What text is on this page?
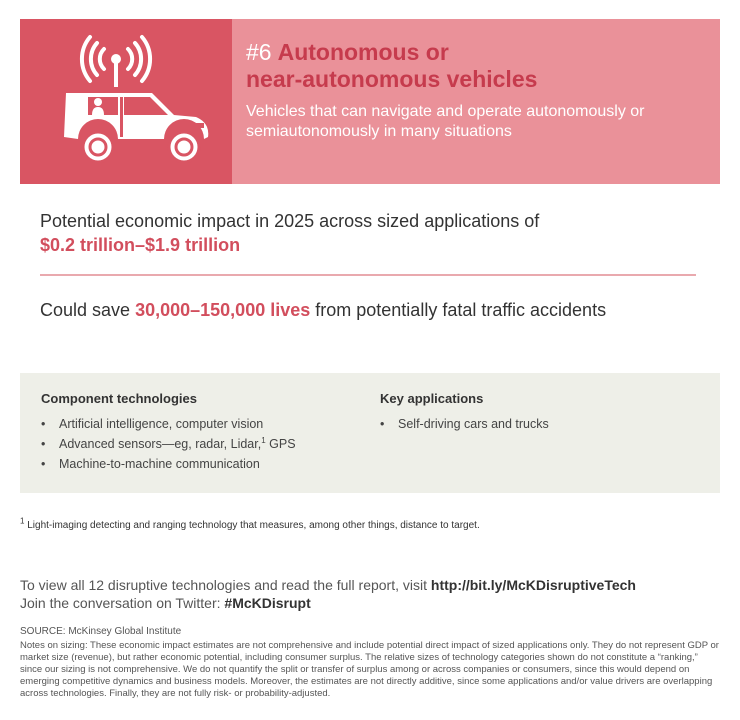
#6 Autonomous or
near-autonomous vehicles
Vehicles that can navigate and operate autonomously or semiautonomously in many situations
Potential economic impact in 2025 across sized applications of
$0.2 trillion–$1.9 trillion
Could save 30,000–150,000 lives from potentially fatal traffic accidents
Component technologies
• Artificial intelligence, computer vision
• Advanced sensors—eg, radar, Lidar,$^1$ GPS
• Machine-to-machine communication
Key applications
• Self-driving cars and trucks
$^1$ Light-imaging detecting and ranging technology that measures, among other things, distance to target.
To view all 12 disruptive technologies and read the full report, visit http://bit.ly/McKDisruptiveTech
Join the conversation on Twitter: #McKDisrupt
SOURCE: McKinsey Global Institute
Notes on sizing: These economic impact estimates are not comprehensive and include potential direct impact of sized applications only. They do not represent GDP or market size (revenue), but rather economic potential, including consumer surplus. The relative sizes of technology categories shown do not constitute a “ranking,” since our sizing is not comprehensive. We do not quantify the split or transfer of surplus among or across companies or consumers, since this would depend on emerging competitive dynamics and business models. Moreover, the estimates are not directly additive, since some applications and/or value drivers are overlapping across technologies. Finally, they are not fully risk- or probability-adjusted.
